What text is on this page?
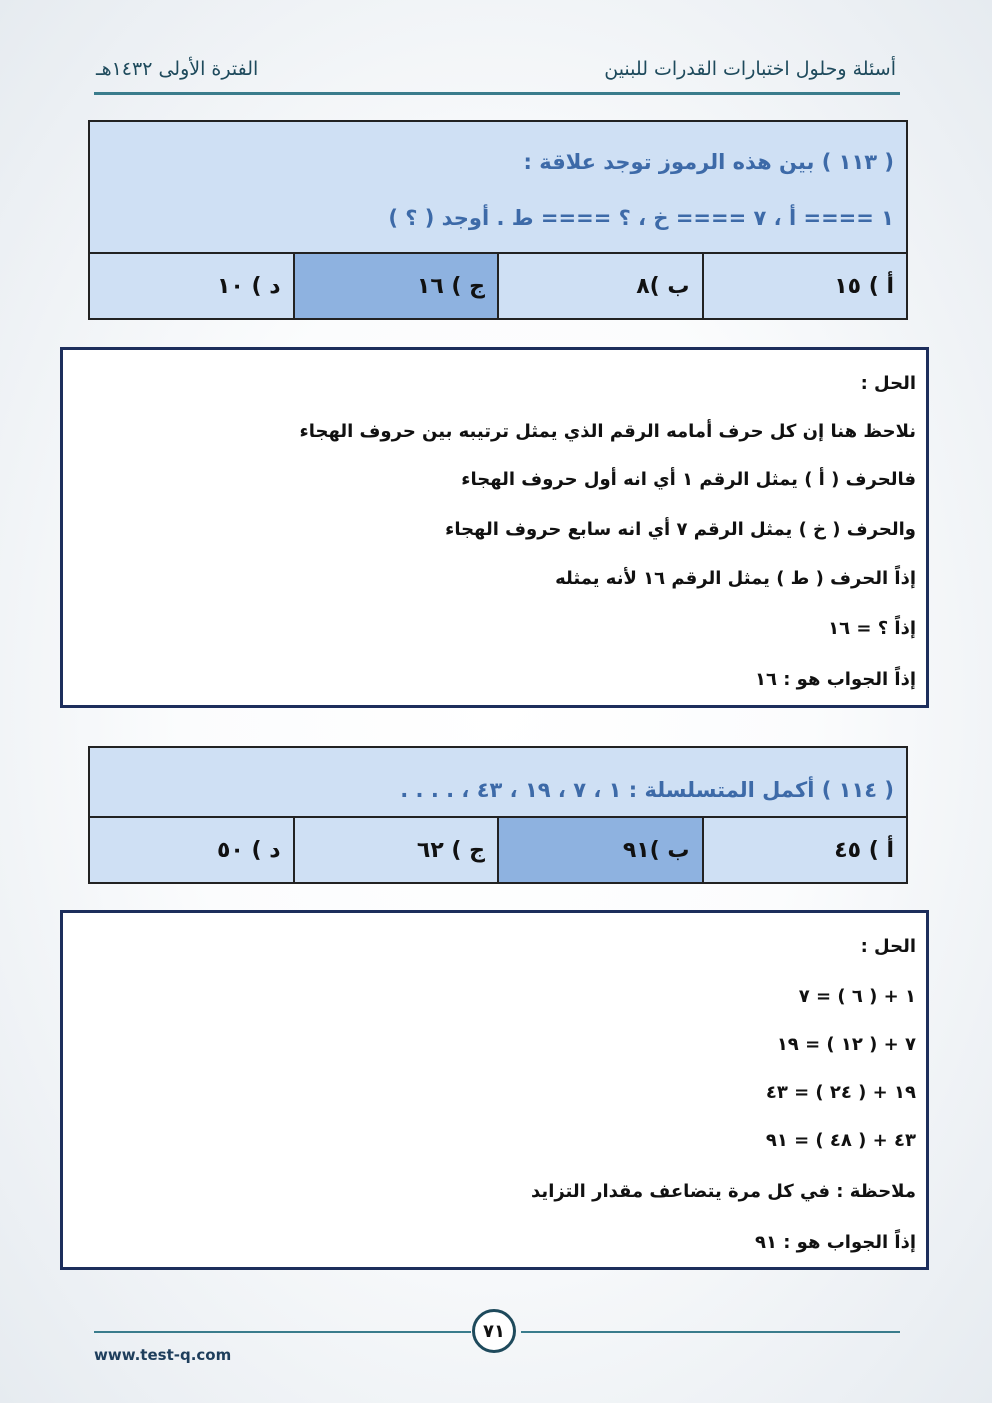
أسئلة وحلول اختبارات القدرات للبنين
الفترة الأولى ١٤٣٢هـ
( ١١٣ ) بين هذه الرموز توجد علاقة :
١ ==== أ ، ٧ ==== خ ، ؟ ==== ط . أوجد ( ؟ )
أ ) ١٥
ب )٨
ج ) ١٦
د ) ١٠
الحل :
نلاحظ هنا إن كل حرف أمامه الرقم الذي يمثل ترتيبه بين حروف الهجاء
فالحرف ( أ ) يمثل الرقم ١ أي انه أول حروف الهجاء
والحرف ( خ ) يمثل الرقم ٧ أي انه سابع حروف الهجاء
إذاً الحرف ( ط ) يمثل الرقم ١٦ لأنه يمثله
إذاً ؟ = ١٦
إذاً الجواب هو : ١٦
( ١١٤ ) أكمل المتسلسلة : ١ ، ٧ ، ١٩ ، ٤٣ ، . . . .
أ ) ٤٥
ب )٩١
ج ) ٦٢
د ) ٥٠
الحل :
١ + ( ٦ ) = ٧
٧ + ( ١٢ ) = ١٩
١٩ + ( ٢٤ ) = ٤٣
٤٣ + ( ٤٨ ) = ٩١
ملاحظة : في كل مرة يتضاعف مقدار التزايد
إذاً الجواب هو : ٩١
٧١
www.test-q.com
